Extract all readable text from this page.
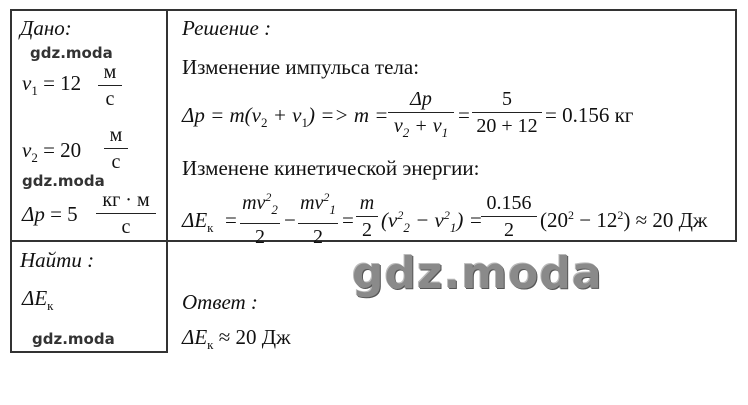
Дано:
gdz.moda
$v_1 = 12$ м
с
$v_2 = 20$
м
с
gdz.moda
Δp = 5
кг · м
с
Найти :
$\Delta E_к$
gdz.moda
Решение :
Изменение импульса тела:
$\Delta p = m(v_2 + v_1) => m$ =
Δp
$v_2 + v_1$
=
5
20 + 12 = 0.156 кг
Изменене кинетической энергии:
$\Delta E_к$ =
$mv^2_2$
2
−
$mv^2_1$
2
=
m
2 $(v^2_2 - v^2_1)$ =
0.156
2	$(20^2 - 12^2) \approx 20$ Дж
gdz.moda
Ответ :
$\Delta E_к \approx 20$ Дж
